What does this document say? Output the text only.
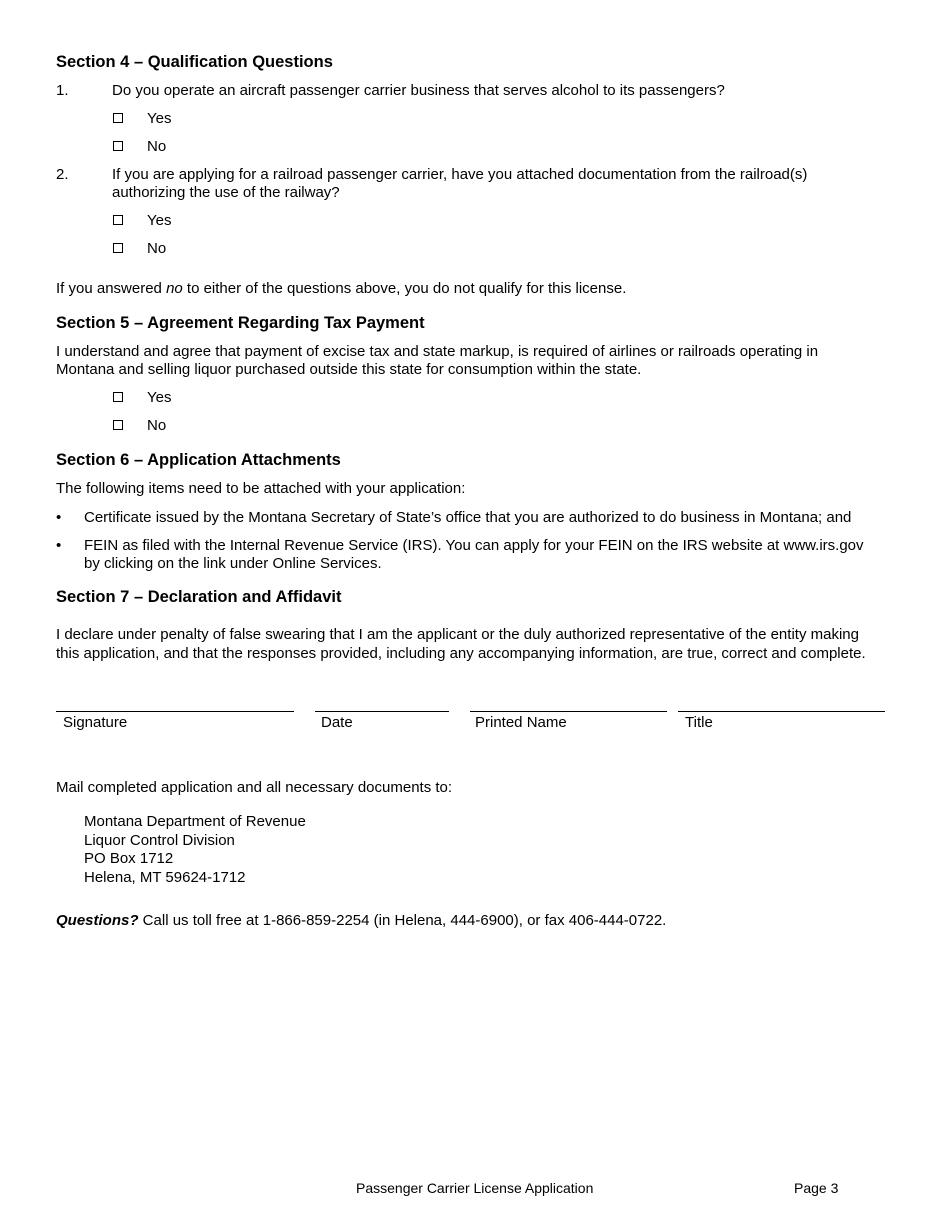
Section 4 – Qualification Questions
1.	Do you operate an aircraft passenger carrier business that serves alcohol to its passengers?
Yes
No
2.	If you are applying for a railroad passenger carrier, have you attached documentation from the railroad(s)
authorizing the use of the railway?
Yes
No
If you answered no to either of the questions above, you do not qualify for this license.
Section 5 – Agreement Regarding Tax Payment
I understand and agree that payment of excise tax and state markup, is required of airlines or railroads operating in
Montana and selling liquor purchased outside this state for consumption within the state.
Yes
No
Section 6 – Application Attachments
The following items need to be attached with your application:
• Certificate issued by the Montana Secretary of State’s office that you are authorized to do business in Montana; and
• FEIN as filed with the Internal Revenue Service (IRS). You can apply for your FEIN on the IRS website at www.irs.gov
by clicking on the link under Online Services.
Section 7 – Declaration and Affidavit
I declare under penalty of false swearing that I am the applicant or the duly authorized representative of the entity making
this application, and that the responses provided, including any accompanying information, are true, correct and complete.
Signature	Date	Printed Name	Title
Mail completed application and all necessary documents to:
Montana Department of Revenue
Liquor Control Division
PO Box 1712
Helena, MT 59624-1712
Questions? Call us toll free at 1-866-859-2254 (in Helena, 444-6900), or fax 406-444-0722.
Passenger Carrier License Application	Page 3
